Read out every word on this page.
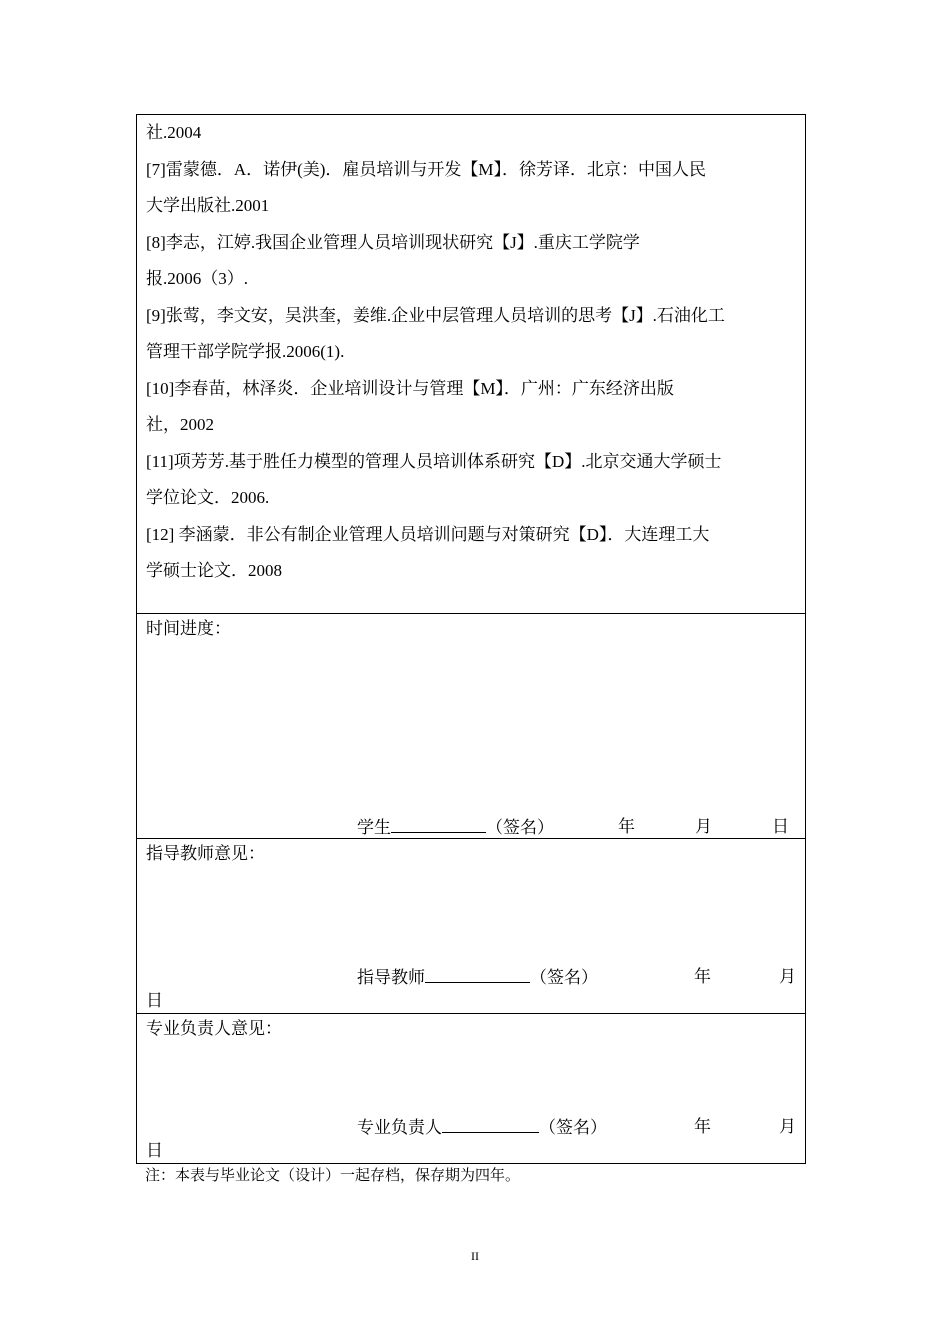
社.2004
[7]雷蒙德．A．诺伊(美)．雇员培训与开发【M】．徐芳译．北京：中国人民
大学出版社.2001
[8]李志，江婷.我国企业管理人员培训现状研究【J】.重庆工学院学
报.2006（3）.
[9]张莺，李文安，吴洪奎，姜维.企业中层管理人员培训的思考【J】.石油化工
管理干部学院学报.2006(1).
[10]李春苗，林泽炎．企业培训设计与管理【M】．广州：广东经济出版
社，2002
[11]项芳芳.基于胜任力模型的管理人员培训体系研究【D】.北京交通大学硕士
学位论文．2006.
[12] 李涵蒙．非公有制企业管理人员培训问题与对策研究【D】．大连理工大
学硕士论文．2008
时间进度：
学生	（签名）	年	月	日
指导教师意见：
指导教师	（签名）	年	月
日
专业负责人意见：
专业负责人	（签名）	年	月
日
注：本表与毕业论文（设计）一起存档，保存期为四年。
II
